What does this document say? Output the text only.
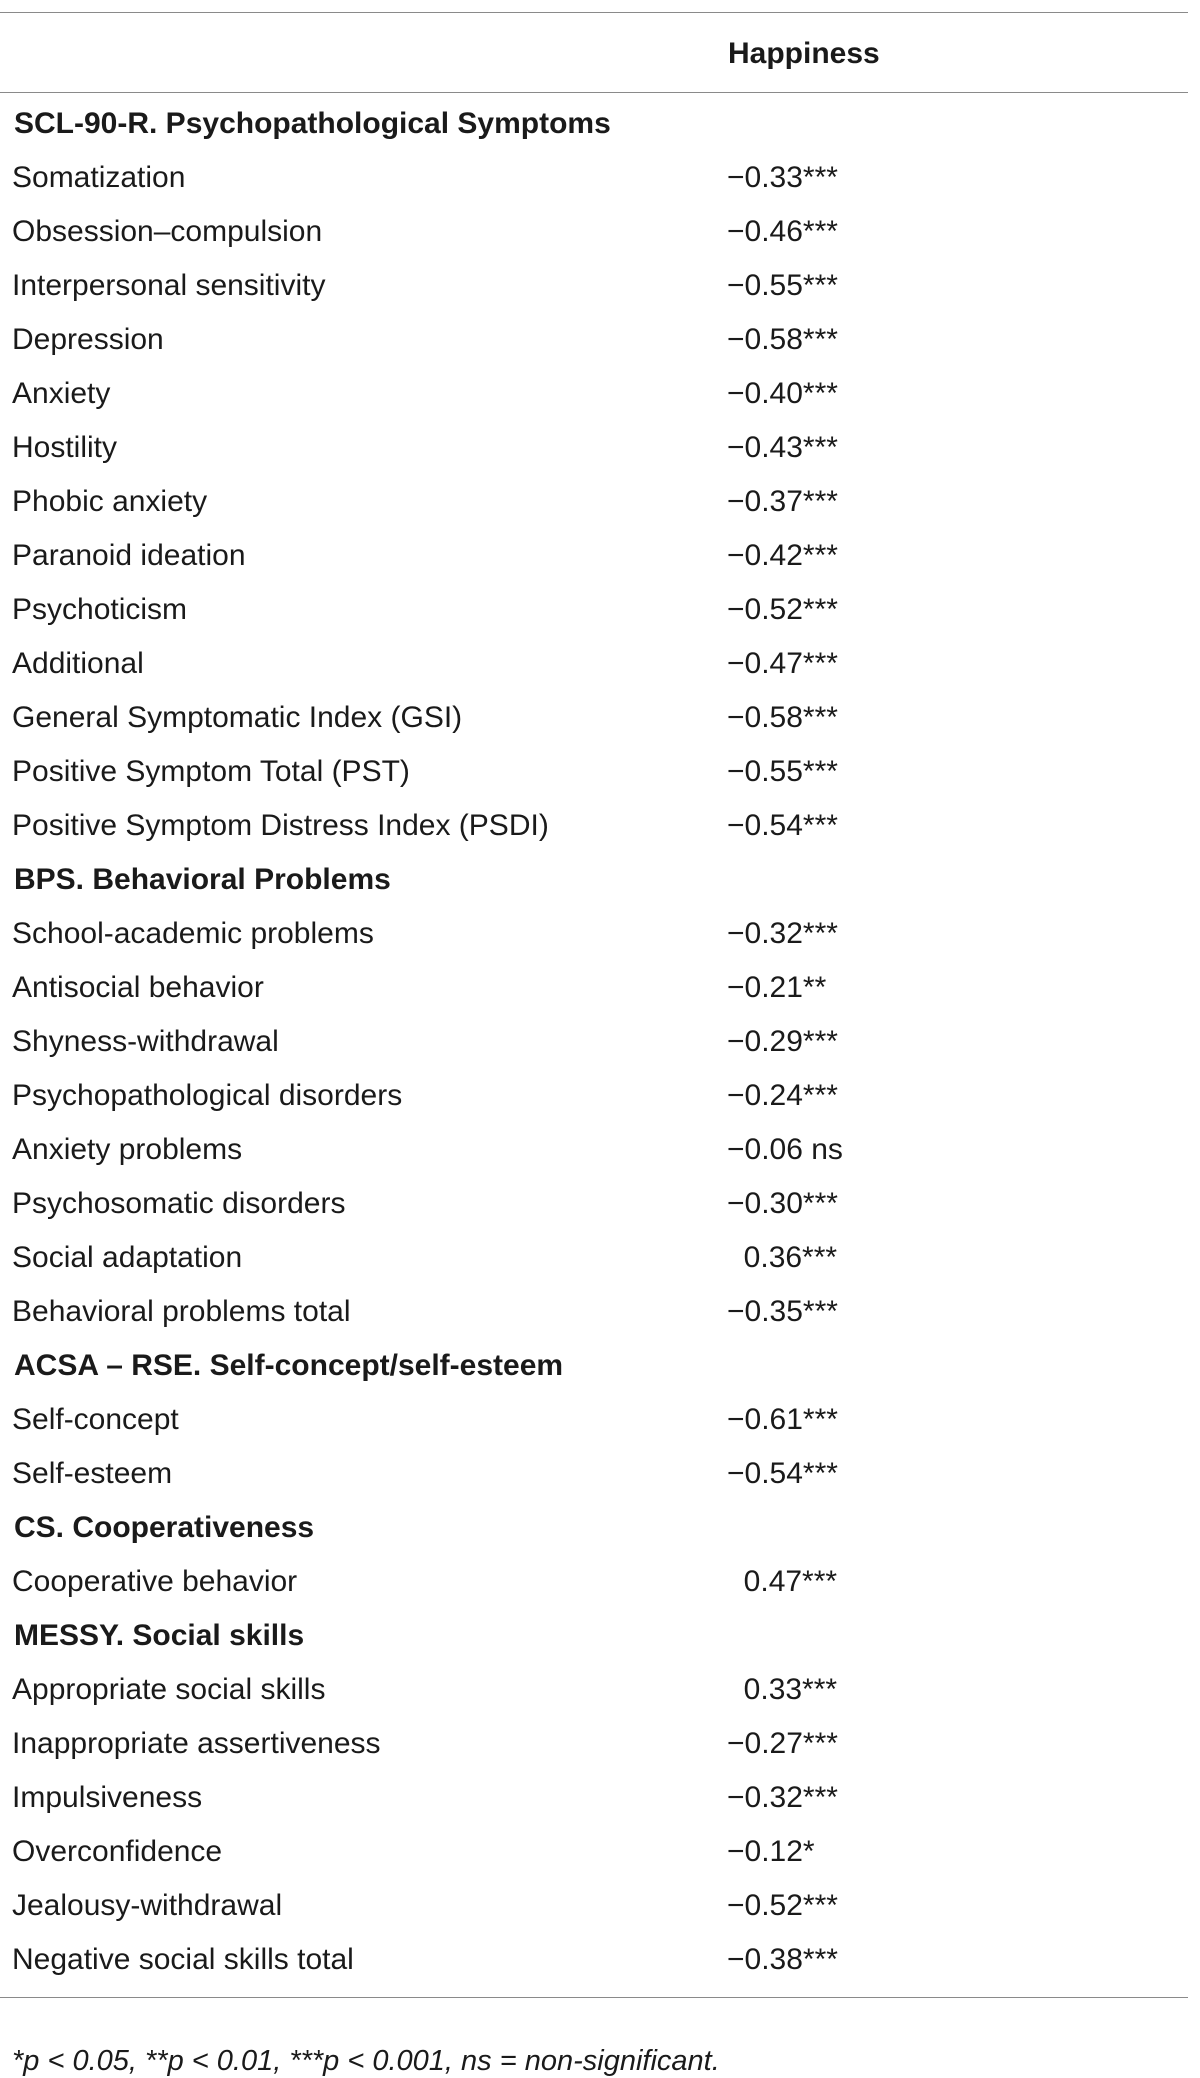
Happiness
SCL-90-R. Psychopathological Symptoms
Somatization	−0.33***
Obsession–compulsion	−0.46***
Interpersonal sensitivity	−0.55***
Depression	−0.58***
Anxiety	−0.40***
Hostility	−0.43***
Phobic anxiety	−0.37***
Paranoid ideation	−0.42***
Psychoticism	−0.52***
Additional	−0.47***
General Symptomatic Index (GSI)	−0.58***
Positive Symptom Total (PST)	−0.55***
Positive Symptom Distress Index (PSDI)	−0.54***
BPS. Behavioral Problems
School-academic problems	−0.32***
Antisocial behavior	−0.21**
Shyness-withdrawal	−0.29***
Psychopathological disorders	−0.24***
Anxiety problems	−0.06 ns
Psychosomatic disorders	−0.30***
Social adaptation	0.36***
Behavioral problems total	−0.35***
ACSA – RSE. Self-concept/self-esteem
Self-concept	−0.61***
Self-esteem	−0.54***
CS. Cooperativeness
Cooperative behavior	0.47***
MESSY. Social skills
Appropriate social skills	0.33***
Inappropriate assertiveness	−0.27***
Impulsiveness	−0.32***
Overconfidence	−0.12*
Jealousy-withdrawal	−0.52***
Negative social skills total	−0.38***
*p < 0.05, **p < 0.01, ***p < 0.001, ns = non-significant.
